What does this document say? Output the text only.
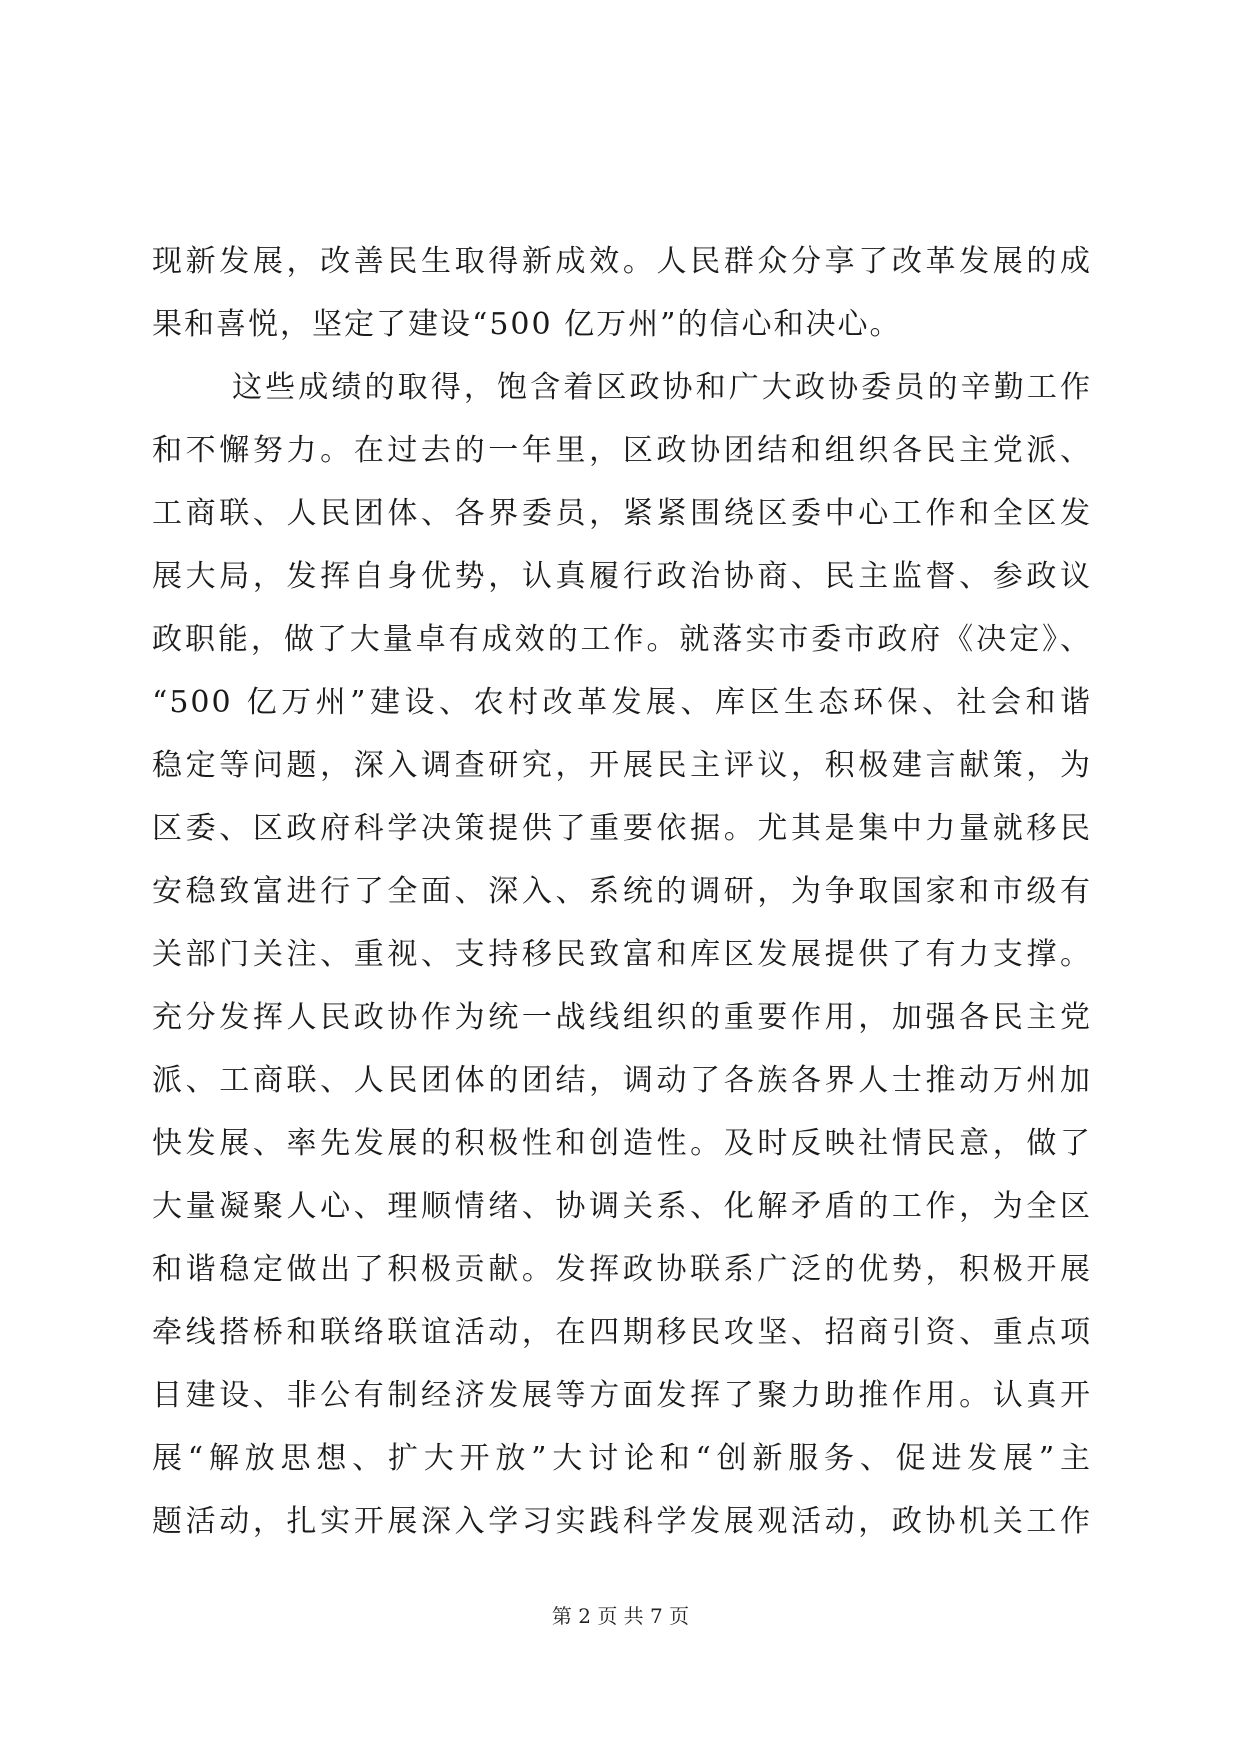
现新发展，改善民生取得新成效。人民群众分享了改革发展的成
果和喜悦，坚定了建设“500 亿万州”的信心和决心。
这些成绩的取得，饱含着区政协和广大政协委员的辛勤工作
和不懈努力。在过去的一年里，区政协团结和组织各民主党派、
工商联、人民团体、各界委员，紧紧围绕区委中心工作和全区发
展大局，发挥自身优势，认真履行政治协商、民主监督、参政议
政职能，做了大量卓有成效的工作。就落实市委市政府《决定》、
“500 亿万州”建设、农村改革发展、库区生态环保、社会和谐
稳定等问题，深入调查研究，开展民主评议，积极建言献策，为
区委、区政府科学决策提供了重要依据。尤其是集中力量就移民
安稳致富进行了全面、深入、系统的调研，为争取国家和市级有
关部门关注、重视、支持移民致富和库区发展提供了有力支撑。
充分发挥人民政协作为统一战线组织的重要作用，加强各民主党
派、工商联、人民团体的团结，调动了各族各界人士推动万州加
快发展、率先发展的积极性和创造性。及时反映社情民意，做了
大量凝聚人心、理顺情绪、协调关系、化解矛盾的工作，为全区
和谐稳定做出了积极贡献。发挥政协联系广泛的优势，积极开展
牵线搭桥和联络联谊活动，在四期移民攻坚、招商引资、重点项
目建设、非公有制经济发展等方面发挥了聚力助推作用。认真开
展“解放思想、扩大开放”大讨论和“创新服务、促进发展”主
题活动，扎实开展深入学习实践科学发展观活动，政协机关工作
第 2 页 共 7 页
